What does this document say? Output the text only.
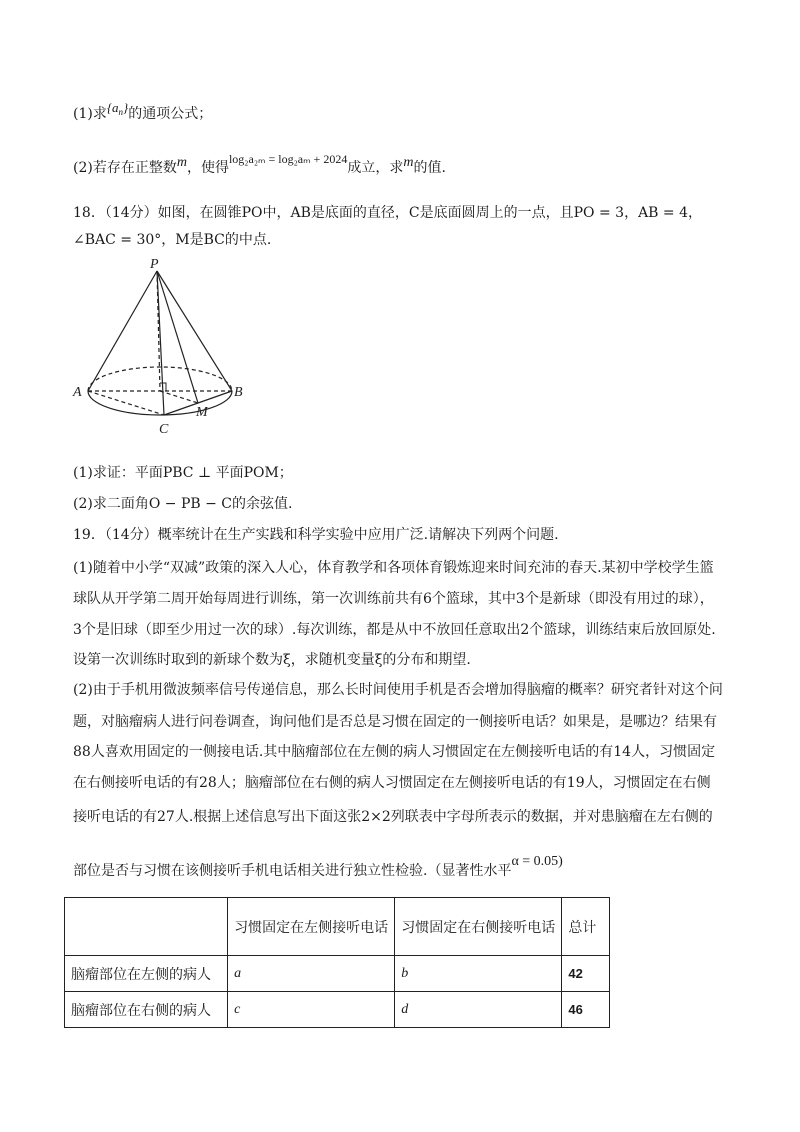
(1)求$\{a_n\}$的通项公式；
(2)若存在正整数m，使得log₂a₂ₘ = log₂aₘ + 2024成立，求m的值.
18．（14分）如图，在圆锥PO中，AB是底面的直径，C是底面圆周上的一点，且PO = 3，AB = 4，
∠BAC = 30°，M是BC的中点.
P
A	B
C
M
(1)求证：平面PBC ⊥ 平面POM；
(2)求二面角O − PB − C的余弦值.
19．（14分）概率统计在生产实践和科学实验中应用广泛.请解决下列两个问题.
(1)随着中小学“双减”政策的深入人心，体育教学和各项体育锻炼迎来时间充沛的春天.某初中学校学生篮
球队从开学第二周开始每周进行训练，第一次训练前共有6个篮球，其中3个是新球（即没有用过的球），
3个是旧球（即至少用过一次的球）.每次训练，都是从中不放回任意取出2个篮球，训练结束后放回原处.
设第一次训练时取到的新球个数为ξ，求随机变量ξ的分布和期望.
(2)由于手机用微波频率信号传递信息，那么长时间使用手机是否会增加得脑瘤的概率？研究者针对这个问
题，对脑瘤病人进行问卷调查，询问他们是否总是习惯在固定的一侧接听电话？如果是，是哪边？结果有
88人喜欢用固定的一侧接电话.其中脑瘤部位在左侧的病人习惯固定在左侧接听电话的有14人，习惯固定
在右侧接听电话的有28人；脑瘤部位在右侧的病人习惯固定在左侧接听电话的有19人，习惯固定在右侧
接听电话的有27人.根据上述信息写出下面这张2×2列联表中字母所表示的数据，并对患脑瘤在左右侧的
部位是否与习惯在该侧接听手机电话相关进行独立性检验.（显著性水平α = 0.05)
	习惯固定在左侧接听电话	习惯固定在右侧接听电话	总计
脑瘤部位在左侧的病人	a	b	42
脑瘤部位在右侧的病人	c	d	46
